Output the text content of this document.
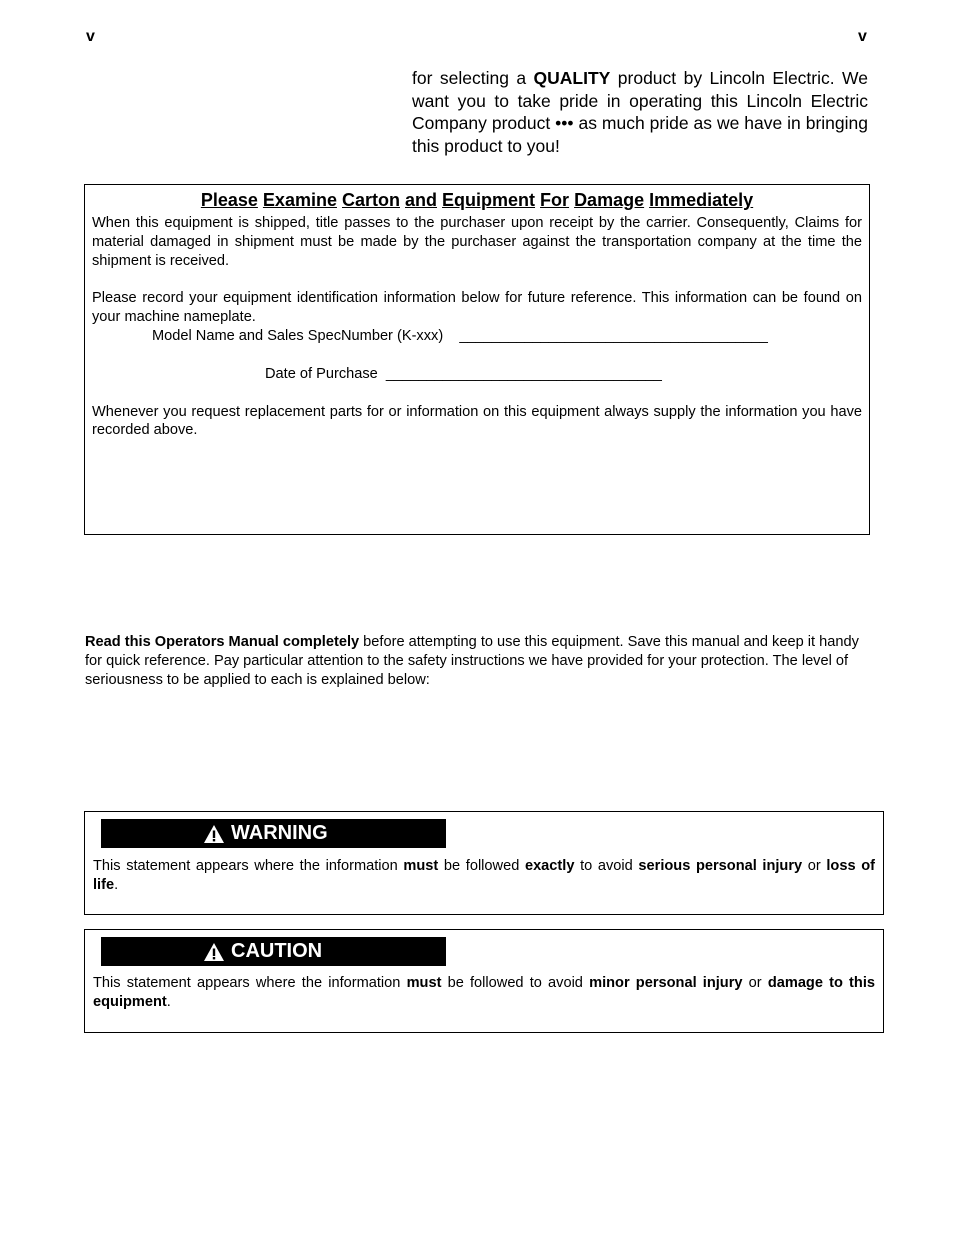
v	v
for selecting a QUALITY product by Lincoln Electric. We want you to take pride in operating this Lincoln Electric Company product ••• as much pride as we have in bringing this product to you!
Please Examine Carton and Equipment For Damage Immediately
When this equipment is shipped, title passes to the purchaser upon receipt by the carrier. Consequently, Claims for material damaged in shipment must be made by the purchaser against the transportation company at the time the shipment is received.
Please record your equipment identification information below for future reference. This information can be found on your machine nameplate.
Model Name and Sales SpecNumber (K-xxx)    ______________________________________
Date of Purchase  __________________________________
Whenever you request replacement parts for or information on this equipment always supply the information you have recorded above.
Read this Operators Manual completely before attempting to use this equipment. Save this manual and keep it handy for quick reference. Pay particular attention to the safety instructions we have provided for your protection. The level of seriousness to be applied to each is explained below:
WARNING
This statement appears where the information must be followed exactly to avoid serious personal injury or loss of life.
CAUTION
This statement appears where the information must be followed to avoid minor personal injury or damage to this equipment.
